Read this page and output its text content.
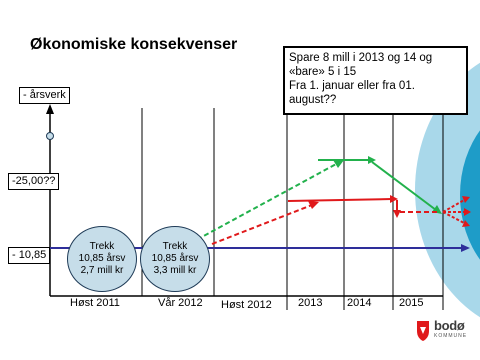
Økonomiske konsekvenser
Spare 8 mill i 2013 og 14 og
«bare» 5 i 15
Fra 1. januar eller fra 01.
august??
- årsverk
-25,00??
- 10,85
Trekk
10,85 årsv
2,7 mill kr
Trekk
10,85 årsv
3,3 mill kr
Høst 2011	Vår 2012 Høst 2012 2013 2014	2015
bodø
KOMMUNE
